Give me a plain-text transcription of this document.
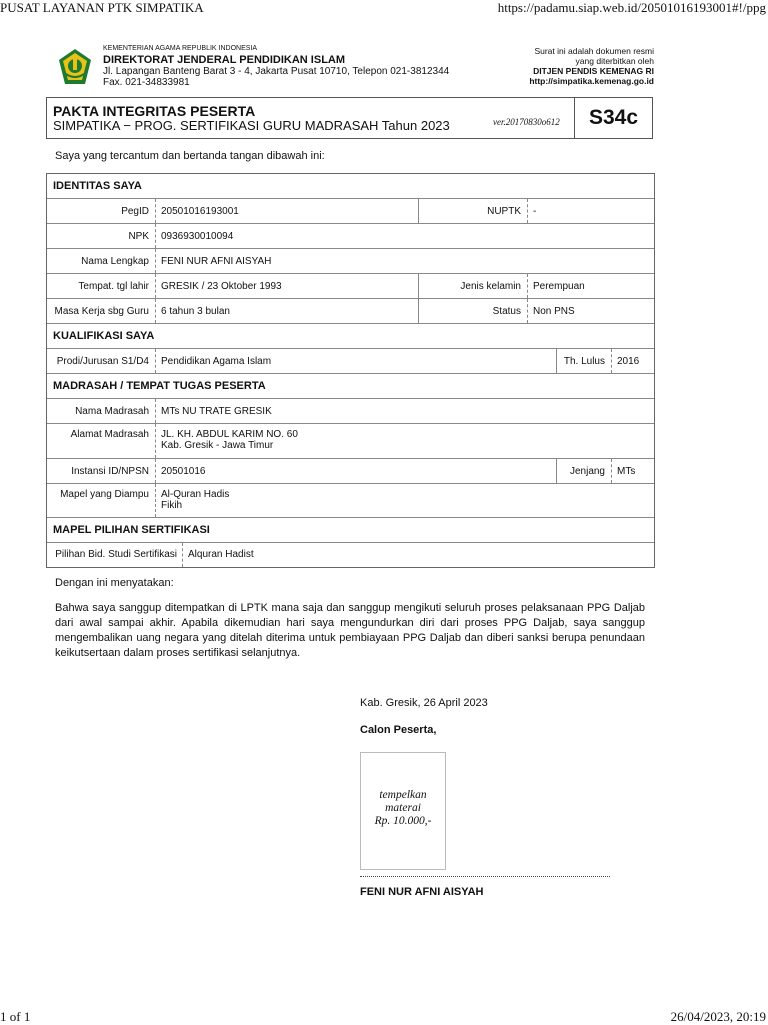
PUSAT LAYANAN PTK SIMPATIKA	https://padamu.siap.web.id/20501016193001#!/ppg
KEMENTERIAN AGAMA REPUBLIK INDONESIA
DIREKTORAT JENDERAL PENDIDIKAN ISLAM
Jl. Lapangan Banteng Barat 3 - 4, Jakarta Pusat 10710, Telepon 021-3812344
Fax. 021-34833981
Surat ini adalah dokumen resmi
yang diterbitkan oleh
DITJEN PENDIS KEMENAG RI
http://simpatika.kemenag.go.id
PAKTA INTEGRITAS PESERTA
SIMPATIKA − PROG. SERTIFIKASI GURU MADRASAH Tahun 2023	ver.20170830o612	S34c
Saya yang tercantum dan bertanda tangan dibawah ini:
IDENTITAS SAYA
PegID	20501016193001	NUPTK	-
NPK	0936930010094
Nama Lengkap	FENI NUR AFNI AISYAH
Tempat. tgl lahir	GRESIK / 23 Oktober 1993	Jenis kelamin	Perempuan
Masa Kerja sbg Guru	6 tahun 3 bulan	Status	Non PNS
KUALIFIKASI SAYA
Prodi/Jurusan S1/D4	Pendidikan Agama Islam	Th. Lulus	2016
MADRASAH / TEMPAT TUGAS PESERTA
Nama Madrasah	MTs NU TRATE GRESIK
Alamat Madrasah	JL. KH. ABDUL KARIM NO. 60
Kab. Gresik - Jawa Timur
Instansi ID/NPSN	20501016	Jenjang	MTs
Mapel yang Diampu	Al-Quran Hadis
Fikih
MAPEL PILIHAN SERTIFIKASI
Pilihan Bid. Studi Sertifikasi	Alquran Hadist
Dengan ini menyatakan:
Bahwa saya sanggup ditempatkan di LPTK mana saja dan sanggup mengikuti seluruh proses pelaksanaan PPG Daljab dari awal sampai akhir. Apabila dikemudian hari saya mengundurkan diri dari proses PPG Daljab, saya sanggup mengembalikan uang negara yang ditelah diterima untuk pembiayaan PPG Daljab dan diberi sanksi berupa penundaan keikutsertaan dalam proses sertifikasi selanjutnya.
Kab. Gresik, 26 April 2023
Calon Peserta,
tempelkan
materai
Rp. 10.000,-
FENI NUR AFNI AISYAH
1 of 1	26/04/2023, 20:19
